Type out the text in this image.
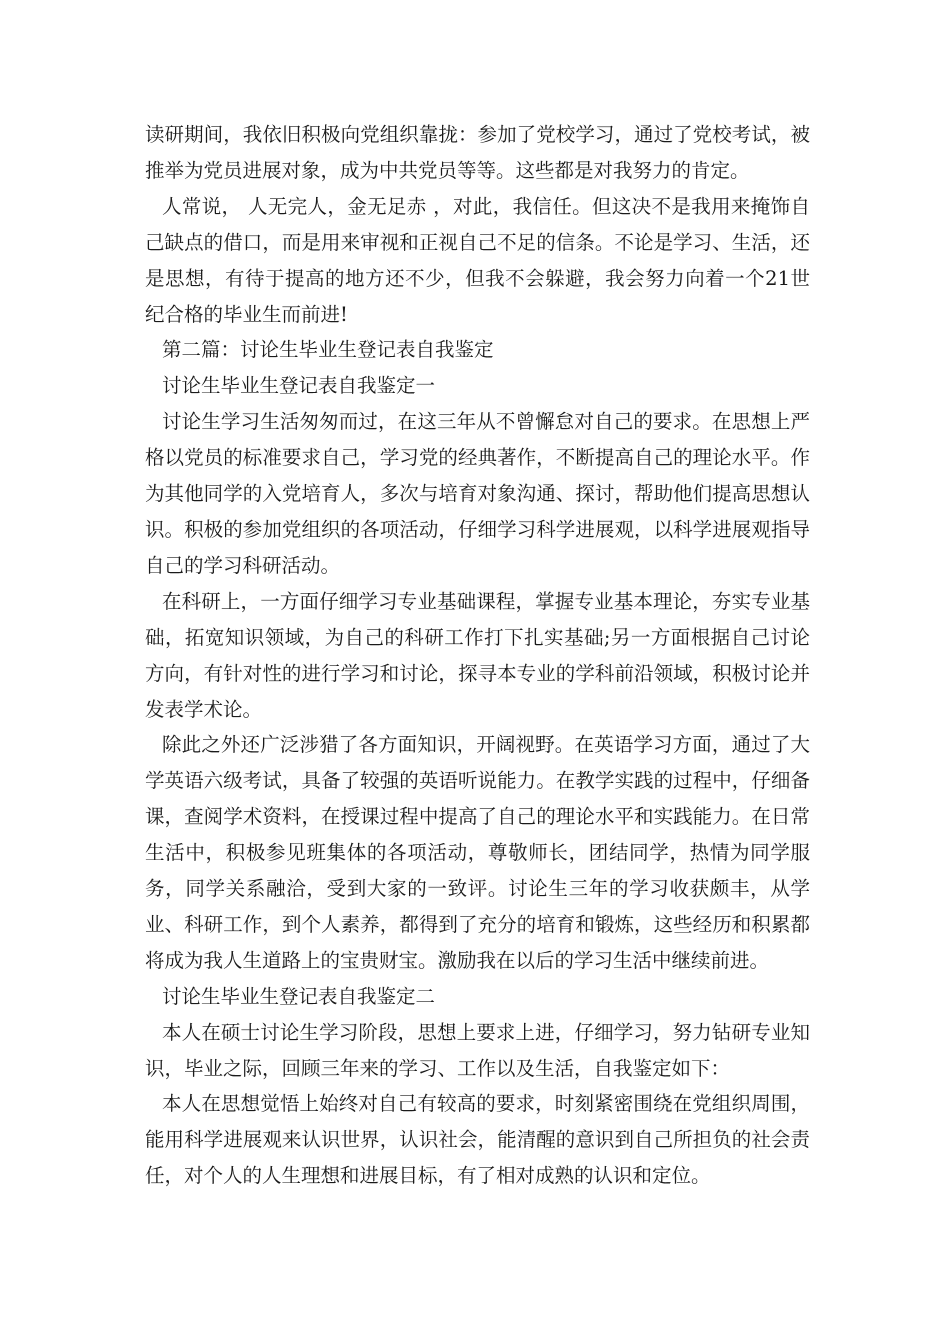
读研期间，我依旧积极向党组织靠拢：参加了党校学习，通过了党校考试，被推举为党员进展对象，成为中共党员等等。这些都是对我努力的肯定。

人常说， 人无完人，金无足赤 ，对此，我信任。但这决不是我用来掩饰自己缺点的借口，而是用来审视和正视自己不足的信条。不论是学习、生活，还是思想，有待于提高的地方还不少，但我不会躲避，我会努力向着一个21世纪合格的毕业生而前进!

第二篇：讨论生毕业生登记表自我鉴定

讨论生毕业生登记表自我鉴定一

讨论生学习生活匆匆而过，在这三年从不曾懈怠对自己的要求。在思想上严格以党员的标准要求自己，学习党的经典著作，不断提高自己的理论水平。作为其他同学的入党培育人，多次与培育对象沟通、探讨，帮助他们提高思想认识。积极的参加党组织的各项活动，仔细学习科学进展观，以科学进展观指导自己的学习科研活动。

在科研上，一方面仔细学习专业基础课程，掌握专业基本理论，夯实专业基础，拓宽知识领域，为自己的科研工作打下扎实基础;另一方面根据自己讨论方向，有针对性的进行学习和讨论，探寻本专业的学科前沿领域，积极讨论并发表学术论。

除此之外还广泛涉猎了各方面知识，开阔视野。在英语学习方面，通过了大学英语六级考试，具备了较强的英语听说能力。在教学实践的过程中，仔细备课，查阅学术资料，在授课过程中提高了自己的理论水平和实践能力。在日常生活中，积极参见班集体的各项活动，尊敬师长，团结同学，热情为同学服务，同学关系融洽，受到大家的一致评。讨论生三年的学习收获颇丰，从学业、科研工作，到个人素养，都得到了充分的培育和锻炼，这些经历和积累都将成为我人生道路上的宝贵财宝。激励我在以后的学习生活中继续前进。

讨论生毕业生登记表自我鉴定二

本人在硕士讨论生学习阶段，思想上要求上进，仔细学习，努力钻研专业知识，毕业之际，回顾三年来的学习、工作以及生活，自我鉴定如下：

本人在思想觉悟上始终对自己有较高的要求，时刻紧密围绕在党组织周围，能用科学进展观来认识世界，认识社会，能清醒的意识到自己所担负的社会责任，对个人的人生理想和进展目标，有了相对成熟的认识和定位。
